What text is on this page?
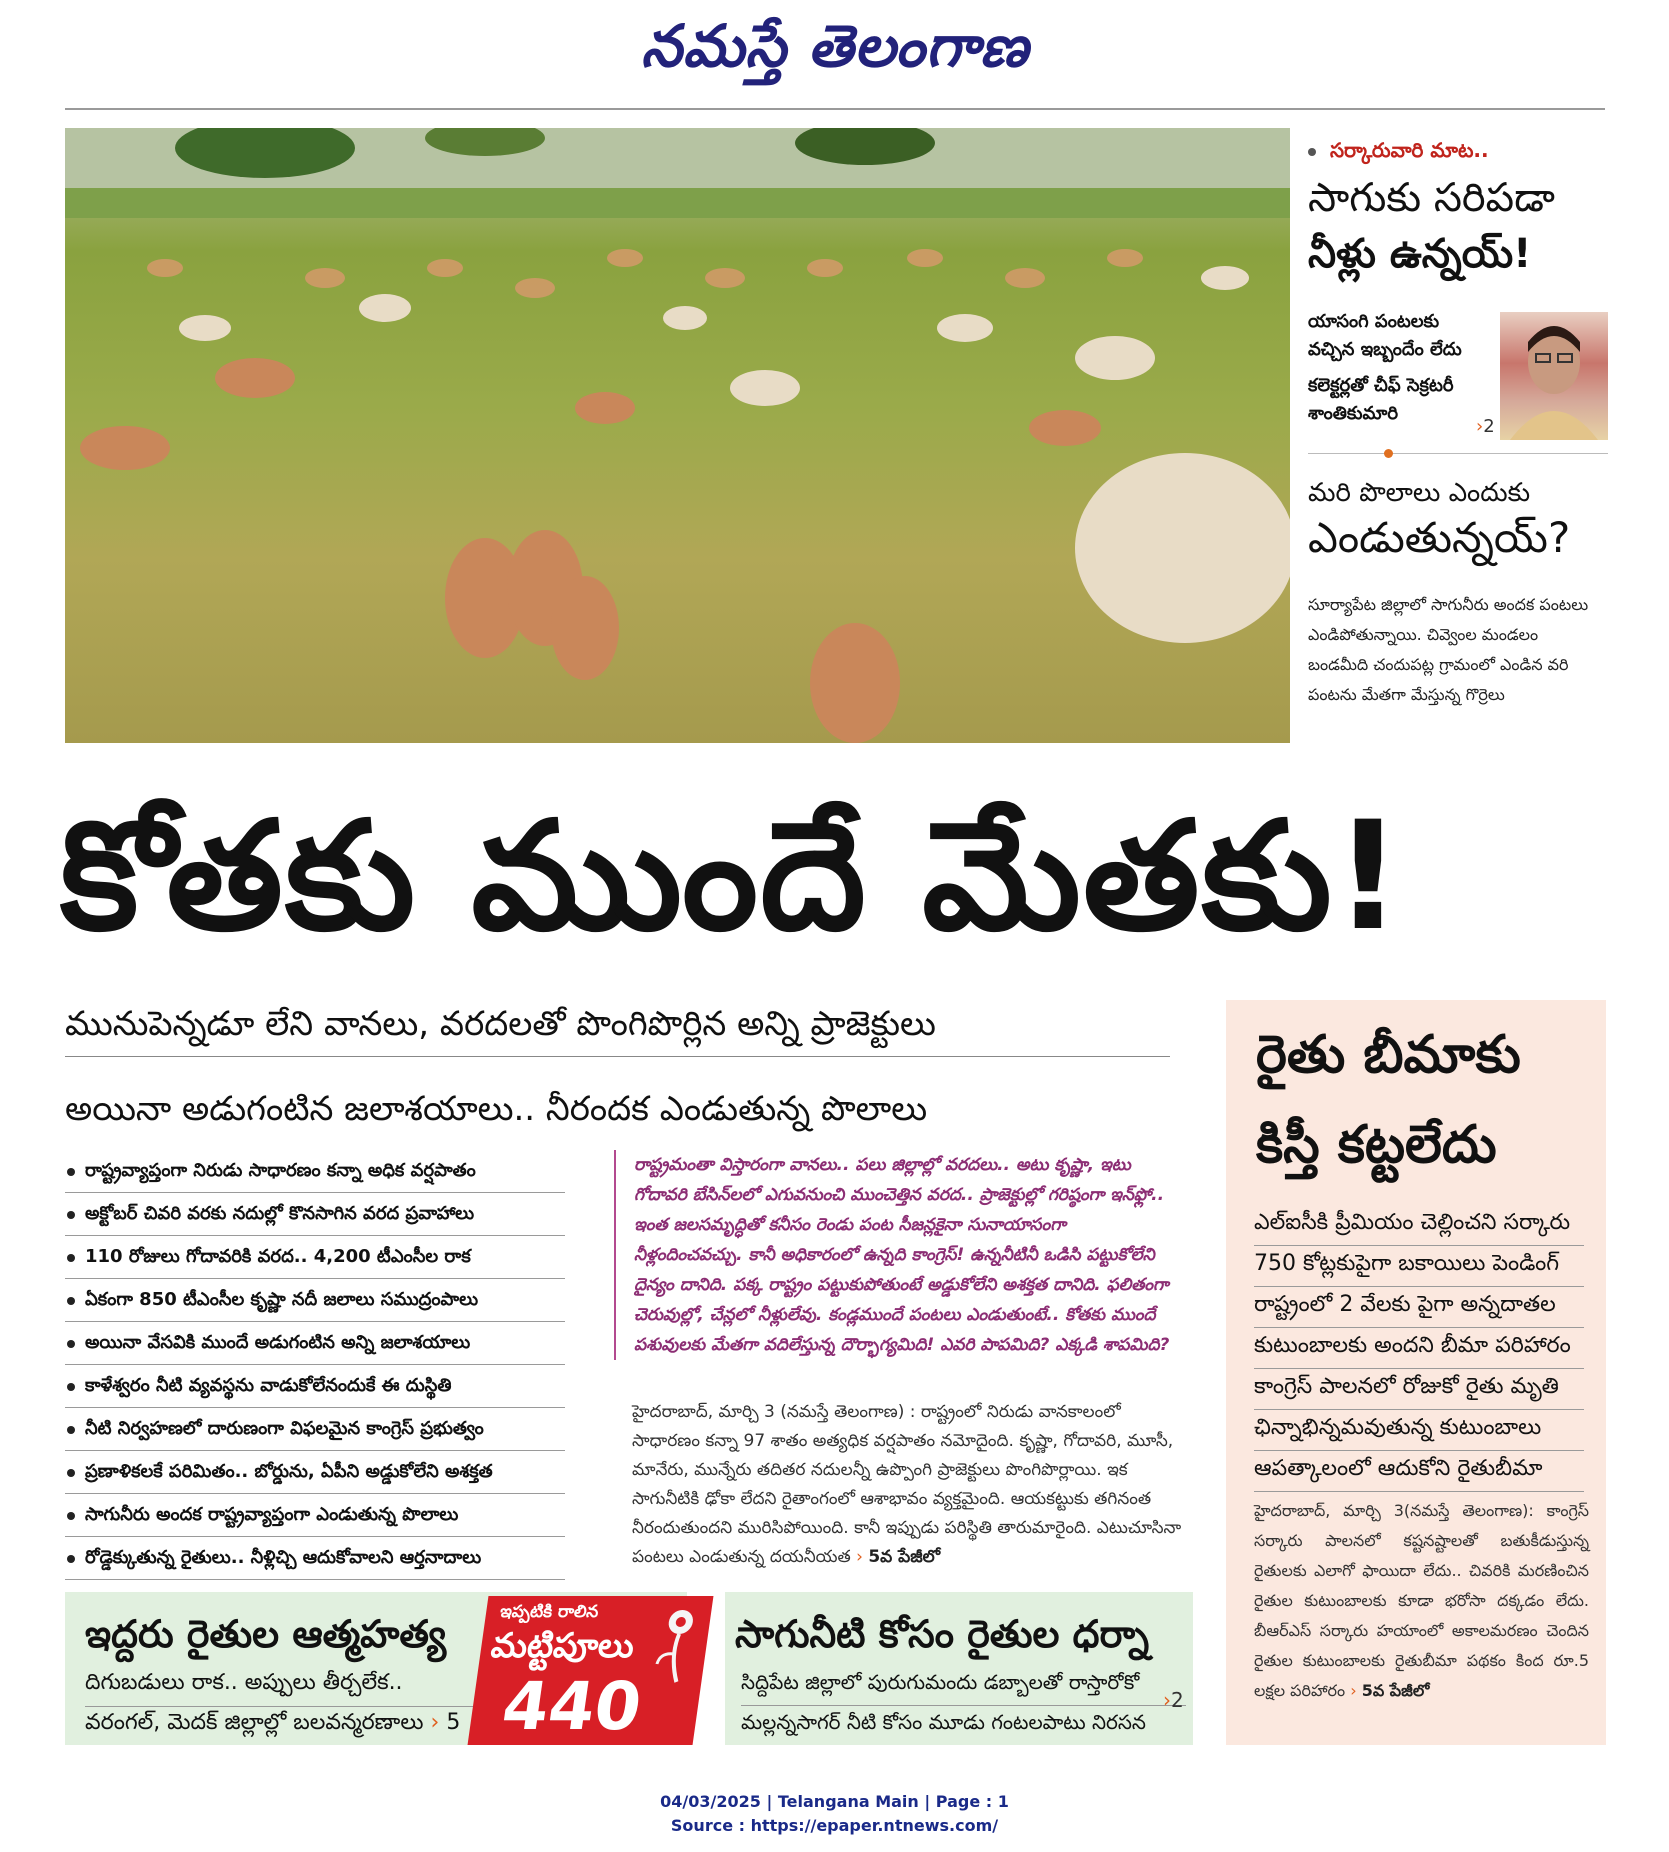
నమస్తే తెలంగాణ
సర్కారువారి మాట..
సాగుకు సరిపడా
నీళ్లు ఉన్నయ్!
యాసంగి పంటలకు వచ్చిన ఇబ్బందేం లేదు
కలెక్టర్లతో చీఫ్ సెక్రటరీ శాంతికుమారి
›2
మరి పొలాలు ఎందుకు
ఎండుతున్నయ్?
సూర్యాపేట జిల్లాలో సాగునీరు అందక పంటలు ఎండిపోతున్నాయి. చివ్వెంల మండలం బండమీది చందుపట్ల గ్రామంలో ఎండిన వరి పంటను మేతగా మేస్తున్న గొర్రెలు
కోతకు ముందే మేతకు!
మునుపెన్నడూ లేని వానలు, వరదలతో పొంగిపొర్లిన అన్ని ప్రాజెక్టులు
అయినా అడుగంటిన జలాశయాలు.. నీరందక ఎండుతున్న పొలాలు
రాష్ట్రవ్యాప్తంగా నిరుడు సాధారణం కన్నా అధిక వర్షపాతం
అక్టోబర్ చివరి వరకు నదుల్లో కొనసాగిన వరద ప్రవాహాలు
110 రోజులు గోదావరికి వరద.. 4,200 టీఎంసీల రాక
ఏకంగా 850 టీఎంసీల కృష్ణా నదీ జలాలు సముద్రంపాలు
అయినా వేసవికి ముందే అడుగంటిన అన్ని జలాశయాలు
కాళేశ్వరం నీటి వ్యవస్థను వాడుకోలేనందుకే ఈ దుస్థితి
నీటి నిర్వహణలో దారుణంగా విఫలమైన కాంగ్రెస్ ప్రభుత్వం
ప్రణాళికలకే పరిమితం.. బోర్డును, ఏపీని అడ్డుకోలేని అశక్తత
సాగునీరు అందక రాష్ట్రవ్యాప్తంగా ఎండుతున్న పొలాలు
రోడ్డెక్కుతున్న రైతులు.. నీళ్లిచ్చి ఆదుకోవాలని ఆర్తనాదాలు

రాష్ట్రమంతా విస్తారంగా వానలు.. పలు జిల్లాల్లో వరదలు.. అటు కృష్ణా, ఇటు గోదావరి బేసిన్‌లలో ఎగువనుంచి ముంచెత్తిన వరద.. ప్రాజెక్టుల్లో గరిష్ఠంగా ఇన్‌ఫ్లో.. ఇంత జలసమృద్ధితో కనీసం రెండు పంట సీజన్లకైనా సునాయాసంగా నీళ్లందించవచ్చు. కానీ అధికారంలో ఉన్నది కాంగ్రెస్! ఉన్ననీటినీ ఒడిసి పట్టుకోలేని దైన్యం దానిది. పక్క రాష్ట్రం పట్టుకుపోతుంటే అడ్డుకోలేని అశక్తత దానిది. ఫలితంగా చెరువుల్లో, చేన్లలో నీళ్లులేవు. కండ్లముందే పంటలు ఎండుతుంటే.. కోతకు ముందే పశువులకు మేతగా వదిలేస్తున్న దౌర్భాగ్యమిది! ఎవరి పాపమిది? ఎక్కడి శాపమిది?

హైదరాబాద్, మార్చి 3 (నమస్తే తెలంగాణ) : రాష్ట్రంలో నిరుడు వానకాలంలో సాధారణం కన్నా 97 శాతం అత్యధిక వర్షపాతం నమోదైంది. కృష్ణా, గోదావరి, మూసీ, మానేరు, మున్నేరు తదితర నదులన్నీ ఉప్పొంగి ప్రాజెక్టులు పొంగిపొర్లాయి. ఇక సాగునీటికి ఢోకా లేదని రైతాంగంలో ఆశాభావం వ్యక్తమైంది. ఆయకట్టుకు తగినంత నీరందుతుందని మురిసిపోయింది. కానీ ఇప్పుడు పరిస్థితి తారుమారైంది. ఎటుచూసినా పంటలు ఎండుతున్న దయనీయత › 5వ పేజీలో
రైతు బీమాకు
కిస్తీ కట్టలేదు
ఎల్ఐసీకి ప్రీమియం చెల్లించని సర్కారు
750 కోట్లకుపైగా బకాయిలు పెండింగ్
రాష్ట్రంలో 2 వేలకు పైగా అన్నదాతల
కుటుంబాలకు అందని బీమా పరిహారం
కాంగ్రెస్ పాలనలో రోజుకో రైతు మృతి
ఛిన్నాభిన్నమవుతున్న కుటుంబాలు
ఆపత్కాలంలో ఆదుకోని రైతుబీమా
హైదరాబాద్, మార్చి 3(నమస్తే తెలంగాణ): కాంగ్రెస్ సర్కారు పాలనలో కష్టనష్టాలతో బతుకీడుస్తున్న రైతులకు ఎలాగో ఫాయిదా లేదు.. చివరికి మరణించిన రైతుల కుటుంబాలకు కూడా భరోసా దక్కడం లేదు. బీఆర్ఎస్ సర్కారు హయాంలో అకాలమరణం చెందిన రైతుల కుటుంబాలకు రైతుబీమా పథకం కింద రూ.5 లక్షల పరిహారం › 5వ పేజీలో
ఇద్దరు రైతుల ఆత్మహత్య
దిగుబడులు రాక.. అప్పులు తీర్చలేక..
వరంగల్, మెదక్ జిల్లాల్లో బలవన్మరణాలు › 5
ఇప్పటికి రాలిన
మట్టిపూలు
440
సాగునీటి కోసం రైతుల ధర్నా
సిద్దిపేట జిల్లాలో పురుగుమందు డబ్బాలతో రాస్తారోకో
మల్లన్నసాగర్ నీటి కోసం మూడు గంటలపాటు నిరసన
›2
04/03/2025 | Telangana Main | Page : 1
Source : https://epaper.ntnews.com/
